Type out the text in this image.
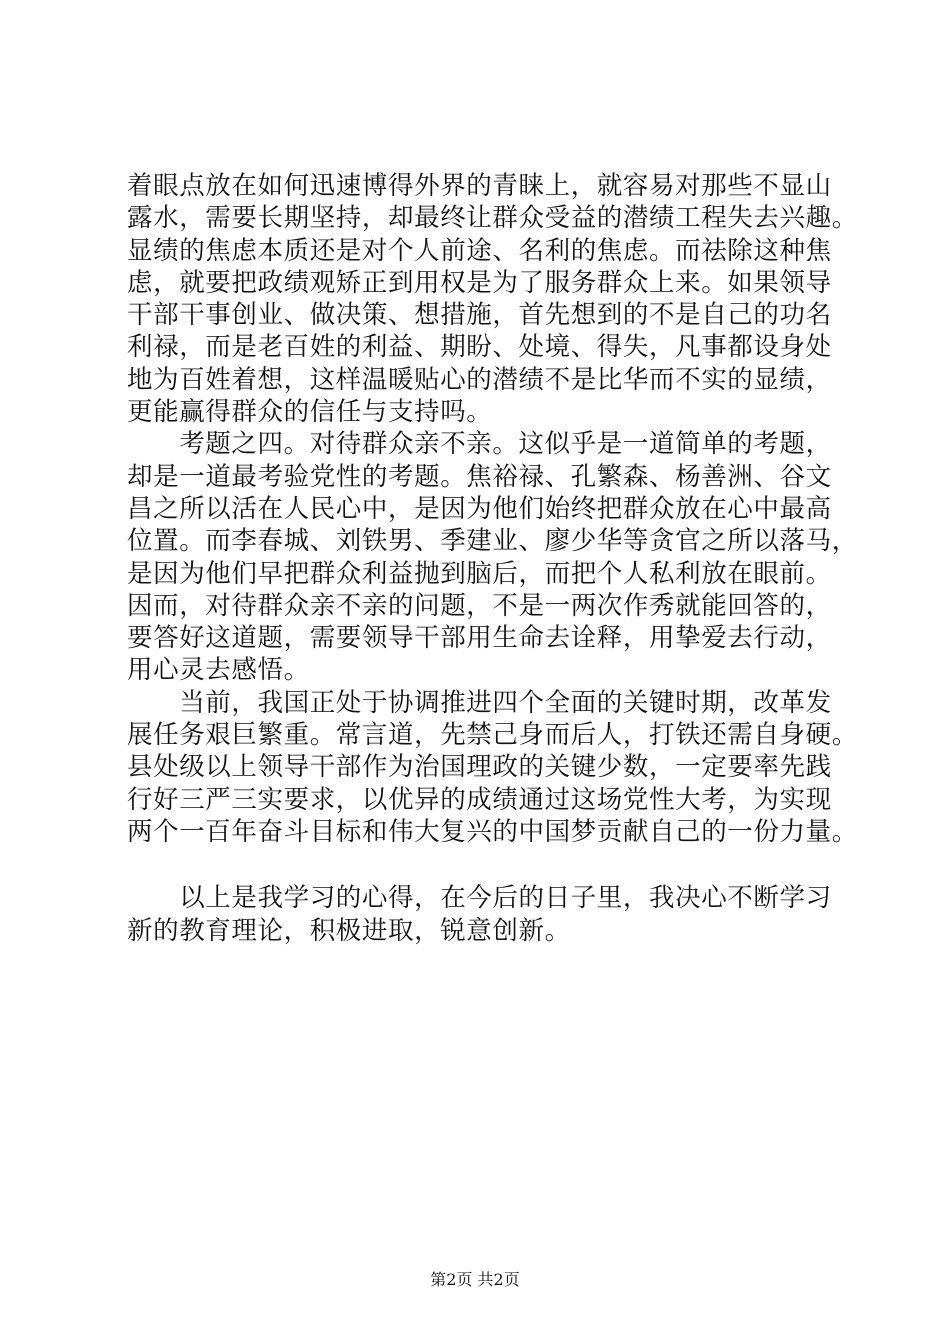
着眼点放在如何迅速博得外界的青睐上，就容易对那些不显山
露水，需要长期坚持，却最终让群众受益的潜绩工程失去兴趣。
显绩的焦虑本质还是对个人前途、名利的焦虑。而祛除这种焦
虑，就要把政绩观矫正到用权是为了服务群众上来。如果领导
干部干事创业、做决策、想措施，首先想到的不是自己的功名
利禄，而是老百姓的利益、期盼、处境、得失，凡事都设身处
地为百姓着想，这样温暖贴心的潜绩不是比华而不实的显绩，
更能赢得群众的信任与支持吗。
　　考题之四。对待群众亲不亲。这似乎是一道简单的考题，
却是一道最考验党性的考题。焦裕禄、孔繁森、杨善洲、谷文
昌之所以活在人民心中，是因为他们始终把群众放在心中最高
位置。而李春城、刘铁男、季建业、廖少华等贪官之所以落马，
是因为他们早把群众利益抛到脑后，而把个人私利放在眼前。
因而，对待群众亲不亲的问题，不是一两次作秀就能回答的，
要答好这道题，需要领导干部用生命去诠释，用挚爱去行动，
用心灵去感悟。
　　当前，我国正处于协调推进四个全面的关键时期，改革发
展任务艰巨繁重。常言道，先禁己身而后人，打铁还需自身硬。
县处级以上领导干部作为治国理政的关键少数，一定要率先践
行好三严三实要求，以优异的成绩通过这场党性大考，为实现
两个一百年奋斗目标和伟大复兴的中国梦贡献自己的一份力量。
　　以上是我学习的心得，在今后的日子里，我决心不断学习
新的教育理论，积极进取，锐意创新。
第2页 共2页
